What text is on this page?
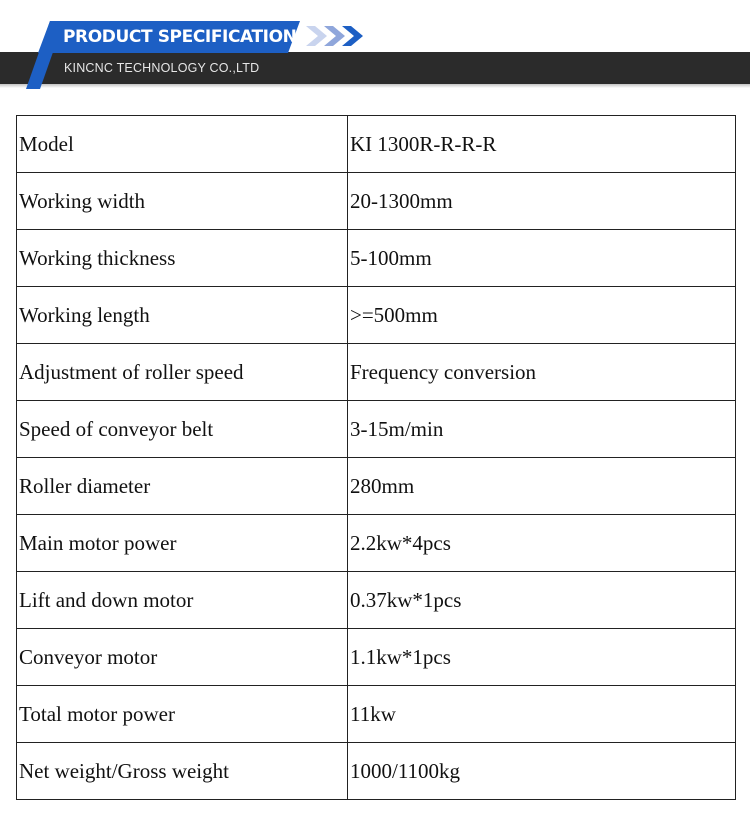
PRODUCT SPECIFICATION
KINCNC TECHNOLOGY CO.,LTD
Model	KI 1300R-R-R-R
Working width	20-1300mm
Working thickness	5-100mm
Working length	>=500mm
Adjustment of roller speed	Frequency conversion
Speed of conveyor belt	3-15m/min
Roller diameter	280mm
Main motor power	2.2kw*4pcs
Lift and down motor	0.37kw*1pcs
Conveyor motor	1.1kw*1pcs
Total motor power	11kw
Net weight/Gross weight	1000/1100kg
